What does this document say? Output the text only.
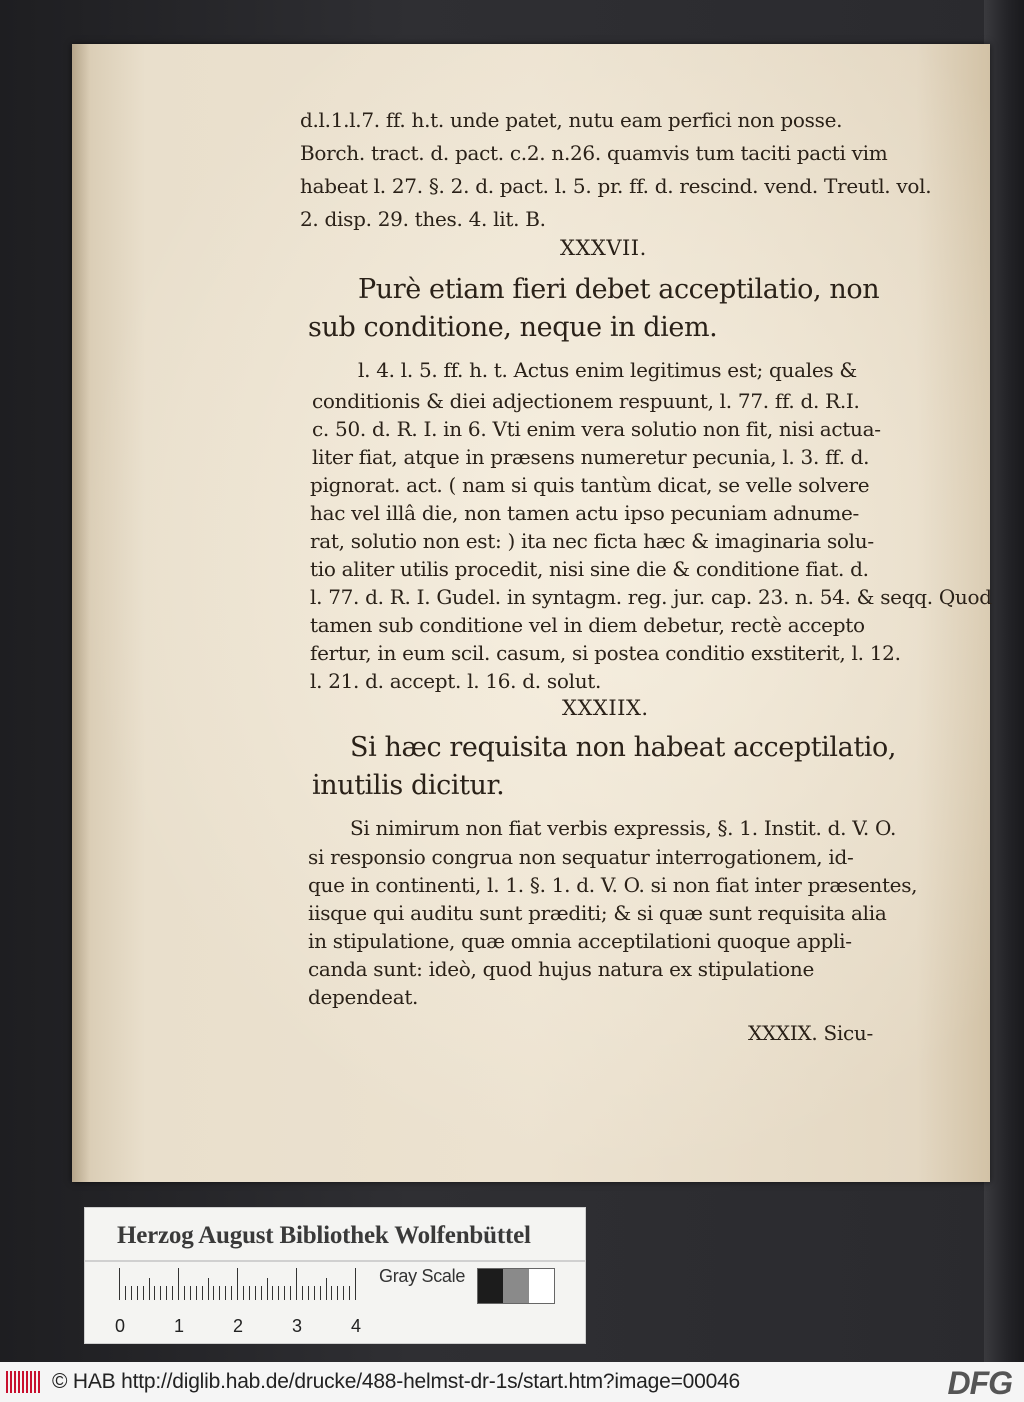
d.l.1.l.7. ff. h.t. unde patet, nutu eam perfici non posse.
Borch. tract. d. pact. c.2. n.26. quamvis tum taciti pacti vim
habeat l. 27. §. 2. d. pact. l. 5. pr. ff. d. rescind. vend. Treutl. vol.
2. disp. 29. thes. 4. lit. B.
XXXVII.
Purè etiam fieri debet acceptilatio, non
sub conditione, neque in diem.
l. 4. l. 5. ff. h. t. Actus enim legitimus est; quales &
conditionis & diei adjectionem respuunt, l. 77. ff. d. R.I.
c. 50. d. R. I. in 6. Vti enim vera solutio non fit, nisi actua-
liter fiat, atque in præsens numeretur pecunia, l. 3. ff. d.
pignorat. act. ( nam si quis tantùm dicat, se velle solvere
hac vel illâ die, non tamen actu ipso pecuniam adnume-
rat, solutio non est: ) ita nec ficta hæc & imaginaria solu-
tio aliter utilis procedit, nisi sine die & conditione fiat. d.
l. 77. d. R. I. Gudel. in syntagm. reg. jur. cap. 23. n. 54. & seqq. Quod
tamen sub conditione vel in diem debetur, rectè accepto
fertur, in eum scil. casum, si postea conditio exstiterit, l. 12.
l. 21. d. accept. l. 16. d. solut.
XXXIIX.
Si hæc requisita non habeat acceptilatio,
inutilis dicitur.
Si nimirum non fiat verbis expressis, §. 1. Instit. d. V. O.
si responsio congrua non sequatur interrogationem, id-
que in continenti, l. 1. §. 1. d. V. O. si non fiat inter præsentes,
iisque qui auditu sunt præditi; & si quæ sunt requisita alia
in stipulatione, quæ omnia acceptilationi quoque appli-
canda sunt: ideò, quod hujus natura ex stipulatione
dependeat.
XXXIX. Sicu-
Herzog August Bibliothek Wolfenbüttel
0	1	2	3	4
Gray Scale
© HAB http://diglib.hab.de/drucke/488-helmst-dr-1s/start.htm?image=00046	DFG
